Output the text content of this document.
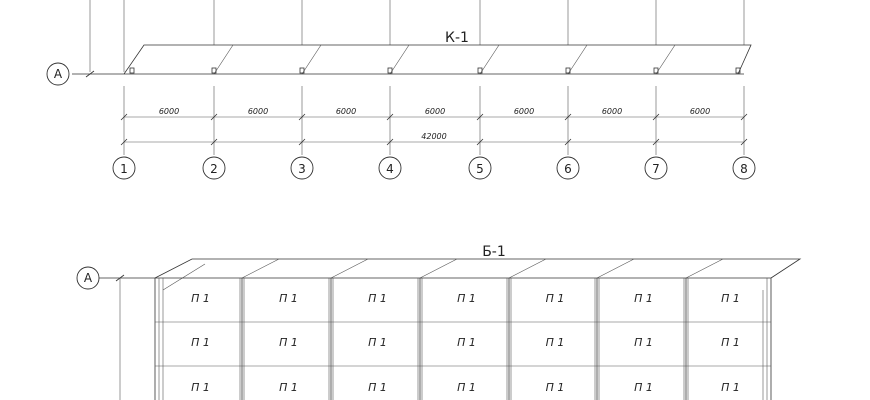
А
К-1
6000	6000	6000	6000	6000	6000	6000
42000
1	2	3	4	5	6	7	8
Б-1
А
П 1	П 1	П 1	П 1	П 1	П 1	П 1
П 1	П 1	П 1	П 1	П 1	П 1	П 1
П 1	П 1	П 1	П 1	П 1	П 1	П 1
